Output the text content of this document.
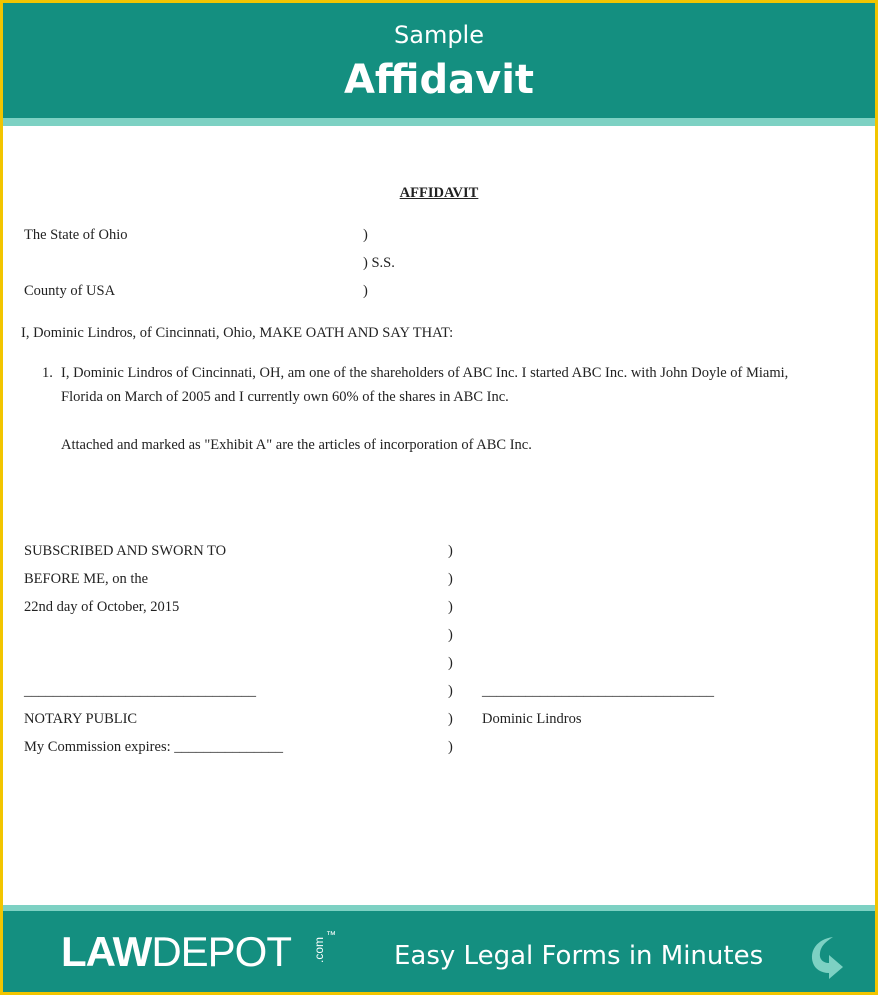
Sample
Affidavit
AFFIDAVIT
The State of Ohio	)
) S.S.
County of USA	)
I, Dominic Lindros, of Cincinnati, Ohio, MAKE OATH AND SAY THAT:
1. I, Dominic Lindros of Cincinnati, OH, am one of the shareholders of ABC Inc. I started ABC Inc. with John Doyle of Miami,
Florida on March of 2005 and I currently own 60% of the shares in ABC Inc.
Attached and marked as "Exhibit A" are the articles of incorporation of ABC Inc.
SUBSCRIBED AND SWORN TO	)
BEFORE ME, on the	)
22nd day of October, 2015	)
)
)
________________________________	) ________________________________
NOTARY PUBLIC	) Dominic Lindros
My Commission expires: _______________	)
LAWDEPOT .com
™
Easy Legal Forms in Minutes
